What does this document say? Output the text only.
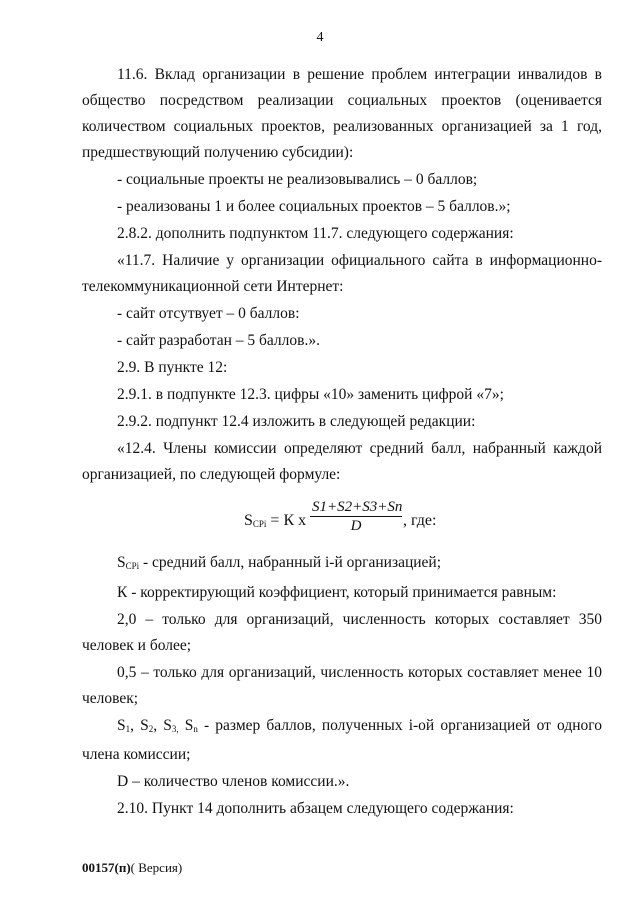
4

11.6. Вклад организации в решение проблем интеграции инвалидов в общество посредством реализации социальных проектов (оценивается количеством социальных проектов, реализованных организацией за 1 год, предшествующий получению субсидии):

- социальные проекты не реализовывались – 0 баллов;

- реализованы 1 и более социальных проектов – 5 баллов.»;

2.8.2. дополнить подпунктом 11.7. следующего содержания:

«11.7. Наличие у организации официального сайта в информационно-телекоммуникационной сети Интернет:

- сайт отсутвует – 0 баллов:

- сайт разработан – 5 баллов.».

2.9. В пункте 12:

2.9.1. в подпункте 12.3. цифры «10» заменить цифрой «7»;

2.9.2. подпункт 12.4 изложить в следующей редакции:

«12.4. Члены комиссии определяют средний балл, набранный каждой организацией, по следующей формуле:

$S_{CPi} = К$ x $\frac{S1+S2+S3+Sn}{D}$ , где:

$S_{CPi}$ - средний балл, набранный i-й организацией;

К - корректирующий коэффициент, который принимается равным:

2,0 – только для организаций, численность которых составляет 350 человек и более;

0,5 – только для организаций, численность которых составляет менее 10 человек;

$S_1$, $S_2$, $S_{3,}$ $S_n$ - размер баллов, полученных i-ой организацией от одного члена комиссии;

D – количество членов комиссии.».

2.10. Пункт 14 дополнить абзацем следующего содержания:

00157(п)( Версия)
